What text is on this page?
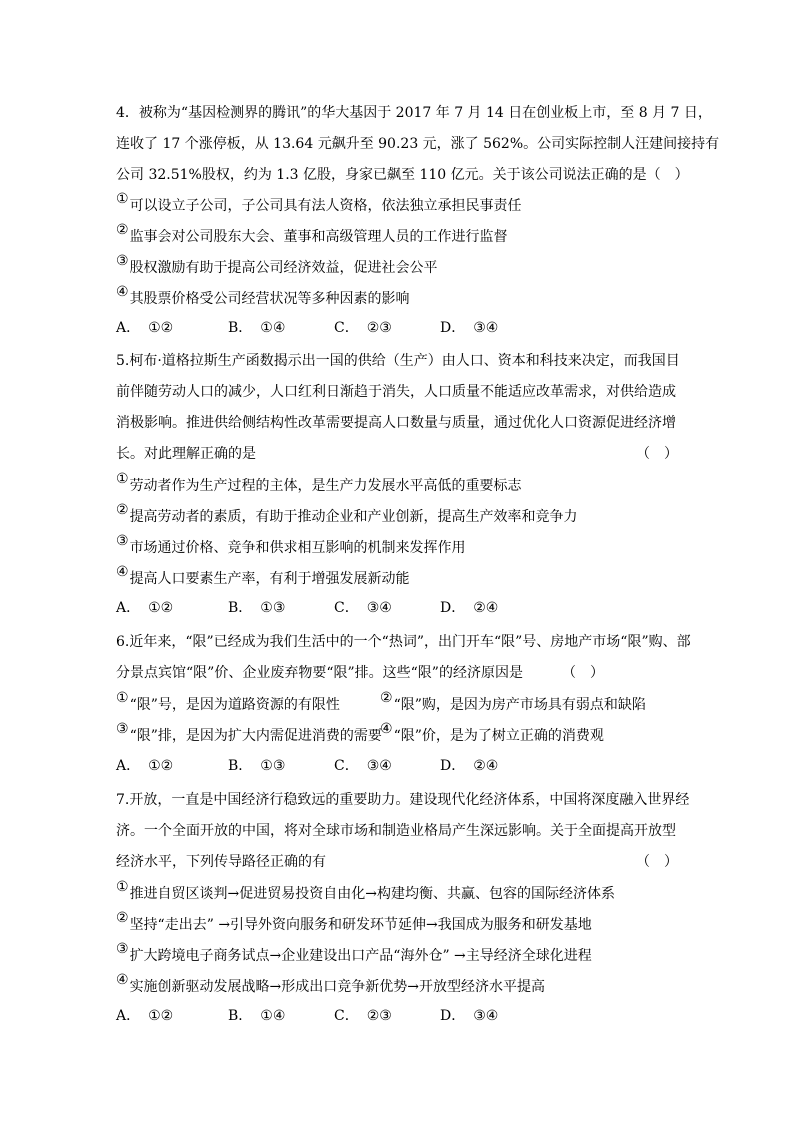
4．被称为“基因检测界的腾讯”的华大基因于 2017 年 7 月 14 日在创业板上市，至 8 月 7 日，
连收了 17 个涨停板，从 13.64 元飙升至 90.23 元，涨了 562%。公司实际控制人汪建间接持有
公司 32.51%股权，约为 1.3 亿股，身家已飙至 110 亿元。关于该公司说法正确的是（　）
①可以设立子公司，子公司具有法人资格，依法独立承担民事责任
②监事会对公司股东大会、董事和高级管理人员的工作进行监督
③股权激励有助于提高公司经济效益，促进社会公平
④其股票价格受公司经营状况等多种因素的影响
A． ①②	B． ①④	C． ②③	D． ③④
5.柯布·道格拉斯生产函数揭示出一国的供给（生产）由人口、资本和科技来决定，而我国目
前伴随劳动人口的减少，人口红利日渐趋于消失，人口质量不能适应改革需求，对供给造成
消极影响。推进供给侧结构性改革需要提高人口数量与质量，通过优化人口资源促进经济增
长。对此理解正确的是	（　）
①劳动者作为生产过程的主体，是生产力发展水平高低的重要标志
②提高劳动者的素质，有助于推动企业和产业创新，提高生产效率和竞争力
③市场通过价格、竞争和供求相互影响的机制来发挥作用
④提高人口要素生产率，有利于增强发展新动能
A． ①②	B． ①③	C． ③④	D． ②④
6.近年来，“限”已经成为我们生活中的一个“热词”，出门开车“限”号、房地产市场“限”购、部
分景点宾馆“限”价、企业废弃物要“限”排。这些“限”的经济原因是	（　）
①“限”号，是因为道路资源的有限性	②“限”购，是因为房产市场具有弱点和缺陷
③“限”排，是因为扩大内需促进消费的需要
④“限”价，是为了树立正确的消费观
A． ①②	B． ①③	C． ③④	D． ②④
7.开放，一直是中国经济行稳致远的重要助力。建设现代化经济体系，中国将深度融入世界经
济。一个全面开放的中国，将对全球市场和制造业格局产生深远影响。关于全面提高开放型
经济水平，下列传导路径正确的有	（　）
①推进自贸区谈判→促进贸易投资自由化→构建均衡、共赢、包容的国际经济体系
②坚持“走出去” →引导外资向服务和研发环节延伸→我国成为服务和研发基地
③扩大跨境电子商务试点→企业建设出口产品“海外仓” →主导经济全球化进程
④实施创新驱动发展战略→形成出口竞争新优势→开放型经济水平提高
A． ①②	B． ①④	C． ②③	D． ③④
